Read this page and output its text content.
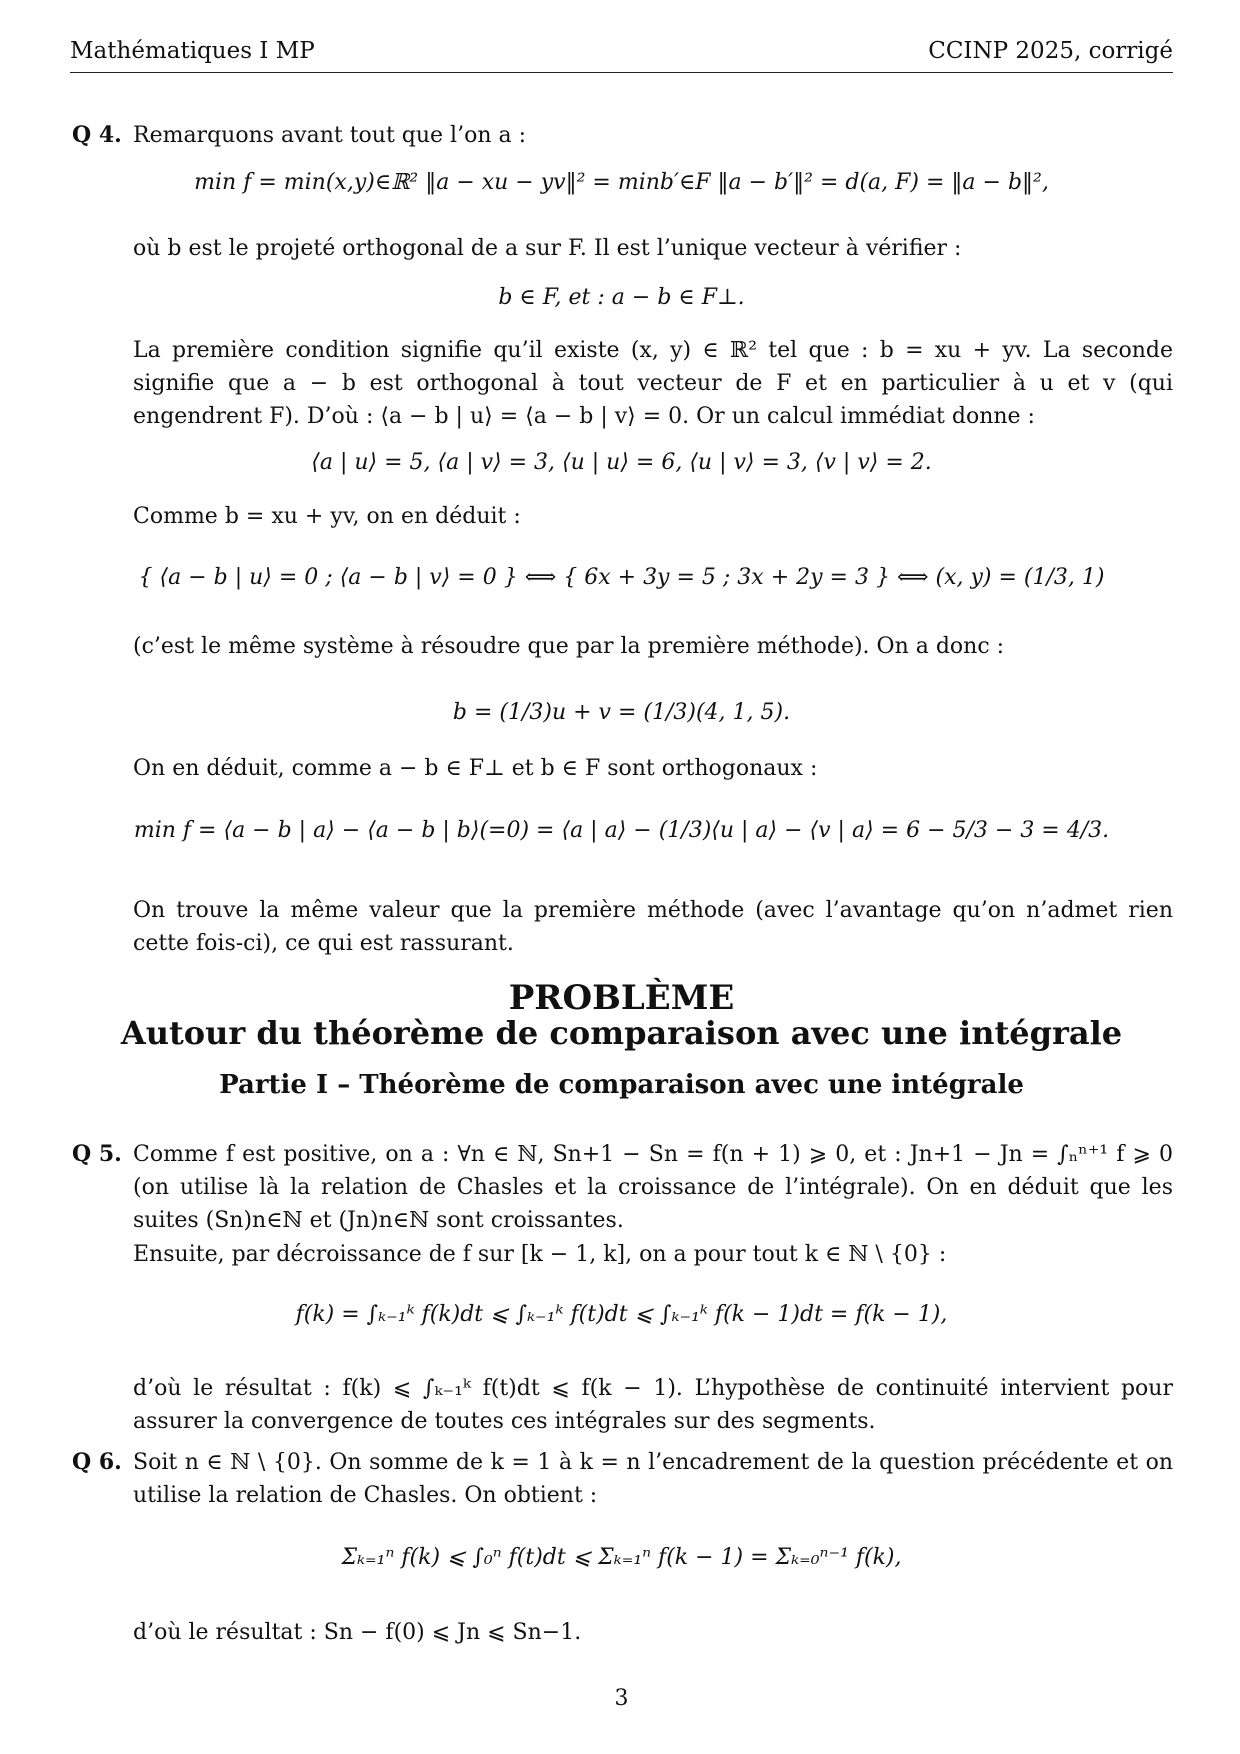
Mathématiques I MP	CCINP 2025, corrigé
Q 4. Remarquons avant tout que l’on a :
min f = min(x,y)∈ℝ² ‖a − xu − yv‖² = minb′∈F ‖a − b′‖² = d(a, F) = ‖a − b‖²,
où b est le projeté orthogonal de a sur F. Il est l’unique vecteur à vérifier :
b ∈ F, et : a − b ∈ F⊥.
La première condition signifie qu’il existe (x, y) ∈ ℝ² tel que : b = xu + yv. La seconde signifie que a − b est orthogonal à tout vecteur de F et en particulier à u et v (qui engendrent F). D’où : ⟨a − b | u⟩ = ⟨a − b | v⟩ = 0. Or un calcul immédiat donne :
⟨a | u⟩ = 5, ⟨a | v⟩ = 3, ⟨u | u⟩ = 6, ⟨u | v⟩ = 3, ⟨v | v⟩ = 2.
Comme b = xu + yv, on en déduit :
{ ⟨a − b | u⟩ = 0 ; ⟨a − b | v⟩ = 0 } ⟺ { 6x + 3y = 5 ; 3x + 2y = 3 } ⟺ (x, y) = (1/3, 1)
(c’est le même système à résoudre que par la première méthode). On a donc :
b = (1/3)u + v = (1/3)(4, 1, 5).
On en déduit, comme a − b ∈ F⊥ et b ∈ F sont orthogonaux :
min f = ⟨a − b | a⟩ − ⟨a − b | b⟩(=0) = ⟨a | a⟩ − (1/3)⟨u | a⟩ − ⟨v | a⟩ = 6 − 5/3 − 3 = 4/3.
On trouve la même valeur que la première méthode (avec l’avantage qu’on n’admet rien cette fois-ci), ce qui est rassurant.
PROBLÈME
Autour du théorème de comparaison avec une intégrale
Partie I – Théorème de comparaison avec une intégrale
Q 5. Comme f est positive, on a : ∀n ∈ ℕ, Sn+1 − Sn = f(n + 1) ⩾ 0, et : Jn+1 − Jn = ∫ₙⁿ⁺¹ f ⩾ 0 (on utilise là la relation de Chasles et la croissance de l’intégrale). On en déduit que les suites (Sn)n∈ℕ et (Jn)n∈ℕ sont croissantes.
Ensuite, par décroissance de f sur [k − 1, k], on a pour tout k ∈ ℕ \ {0} :
f(k) = ∫ₖ₋₁ᵏ f(k)dt ⩽ ∫ₖ₋₁ᵏ f(t)dt ⩽ ∫ₖ₋₁ᵏ f(k − 1)dt = f(k − 1),
d’où le résultat : f(k) ⩽ ∫ₖ₋₁ᵏ f(t)dt ⩽ f(k − 1). L’hypothèse de continuité intervient pour assurer la convergence de toutes ces intégrales sur des segments.
Q 6. Soit n ∈ ℕ \ {0}. On somme de k = 1 à k = n l’encadrement de la question précédente et on utilise la relation de Chasles. On obtient :
Σₖ₌₁ⁿ f(k) ⩽ ∫₀ⁿ f(t)dt ⩽ Σₖ₌₁ⁿ f(k − 1) = Σₖ₌₀ⁿ⁻¹ f(k),
d’où le résultat : Sn − f(0) ⩽ Jn ⩽ Sn−1.
3
